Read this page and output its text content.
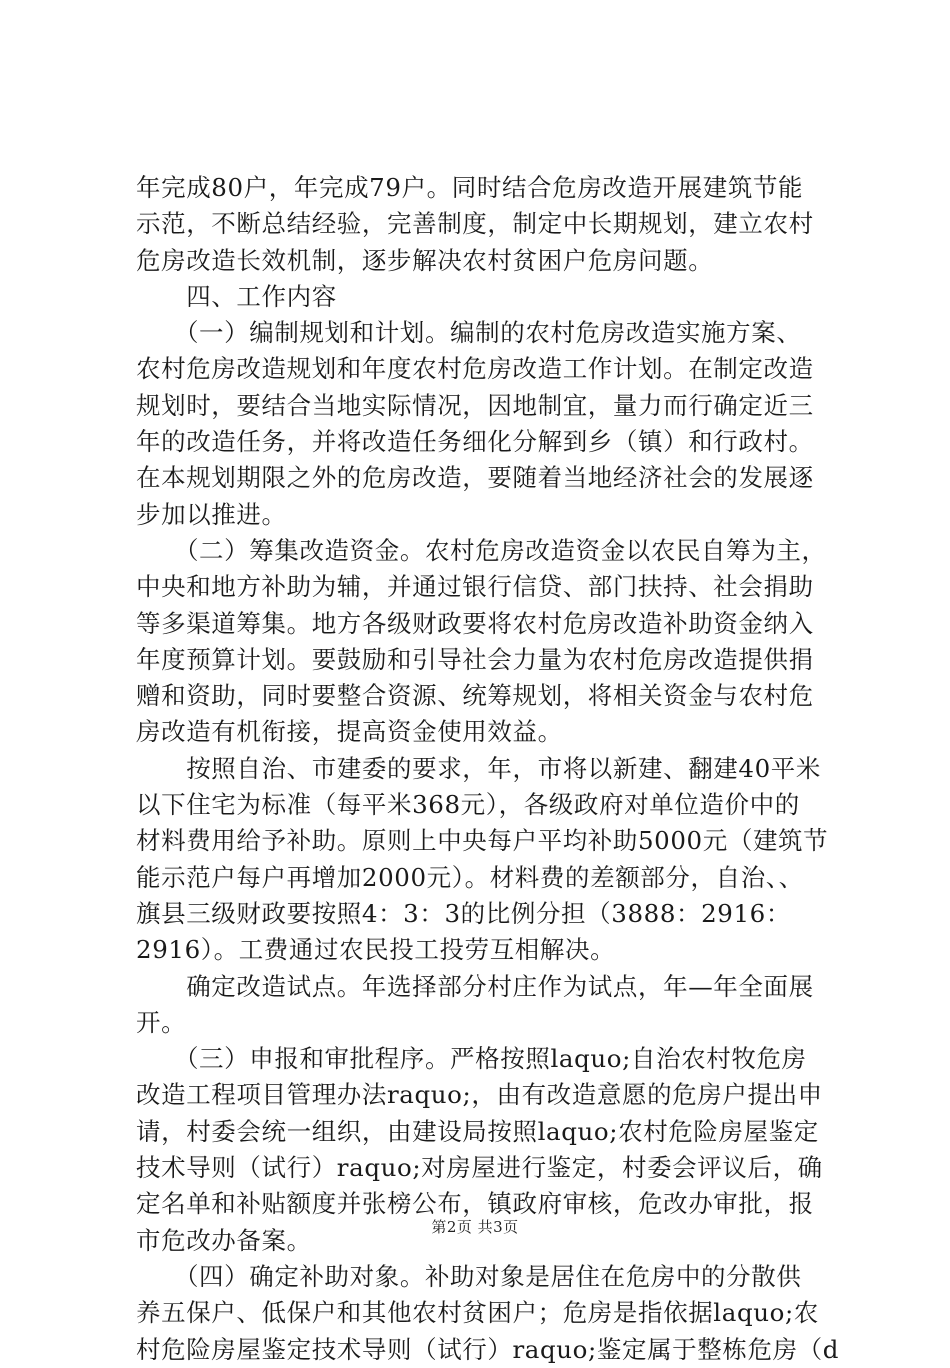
年完成80户，年完成79户。同时结合危房改造开展建筑节能
示范，不断总结经验，完善制度，制定中长期规划，建立农村
危房改造长效机制，逐步解决农村贫困户危房问题。
　　四、工作内容
　　（一）编制规划和计划。编制的农村危房改造实施方案、
农村危房改造规划和年度农村危房改造工作计划。在制定改造
规划时，要结合当地实际情况，因地制宜，量力而行确定近三
年的改造任务，并将改造任务细化分解到乡（镇）和行政村。
在本规划期限之外的危房改造，要随着当地经济社会的发展逐
步加以推进。
　　（二）筹集改造资金。农村危房改造资金以农民自筹为主，
中央和地方补助为辅，并通过银行信贷、部门扶持、社会捐助
等多渠道筹集。地方各级财政要将农村危房改造补助资金纳入
年度预算计划。要鼓励和引导社会力量为农村危房改造提供捐
赠和资助，同时要整合资源、统筹规划，将相关资金与农村危
房改造有机衔接，提高资金使用效益。
　　按照自治、市建委的要求，年，市将以新建、翻建40平米
以下住宅为标准（每平米368元），各级政府对单位造价中的
材料费用给予补助。原则上中央每户平均补助5000元（建筑节
能示范户每户再增加2000元）。材料费的差额部分，自治、、
旗县三级财政要按照4：3：3的比例分担（3888：2916：
2916）。工费通过农民投工投劳互相解决。
　　确定改造试点。年选择部分村庄作为试点，年—年全面展
开。
　　（三）申报和审批程序。严格按照laquo;自治农村牧危房
改造工程项目管理办法raquo;，由有改造意愿的危房户提出申
请，村委会统一组织，由建设局按照laquo;农村危险房屋鉴定
技术导则（试行）raquo;对房屋进行鉴定，村委会评议后，确
定名单和补贴额度并张榜公布，镇政府审核，危改办审批，报
市危改办备案。
　　（四）确定补助对象。补助对象是居住在危房中的分散供
养五保户、低保户和其他农村贫困户；危房是指依据laquo;农
村危险房屋鉴定技术导则（试行）raquo;鉴定属于整栋危房（d
第2页 共3页
